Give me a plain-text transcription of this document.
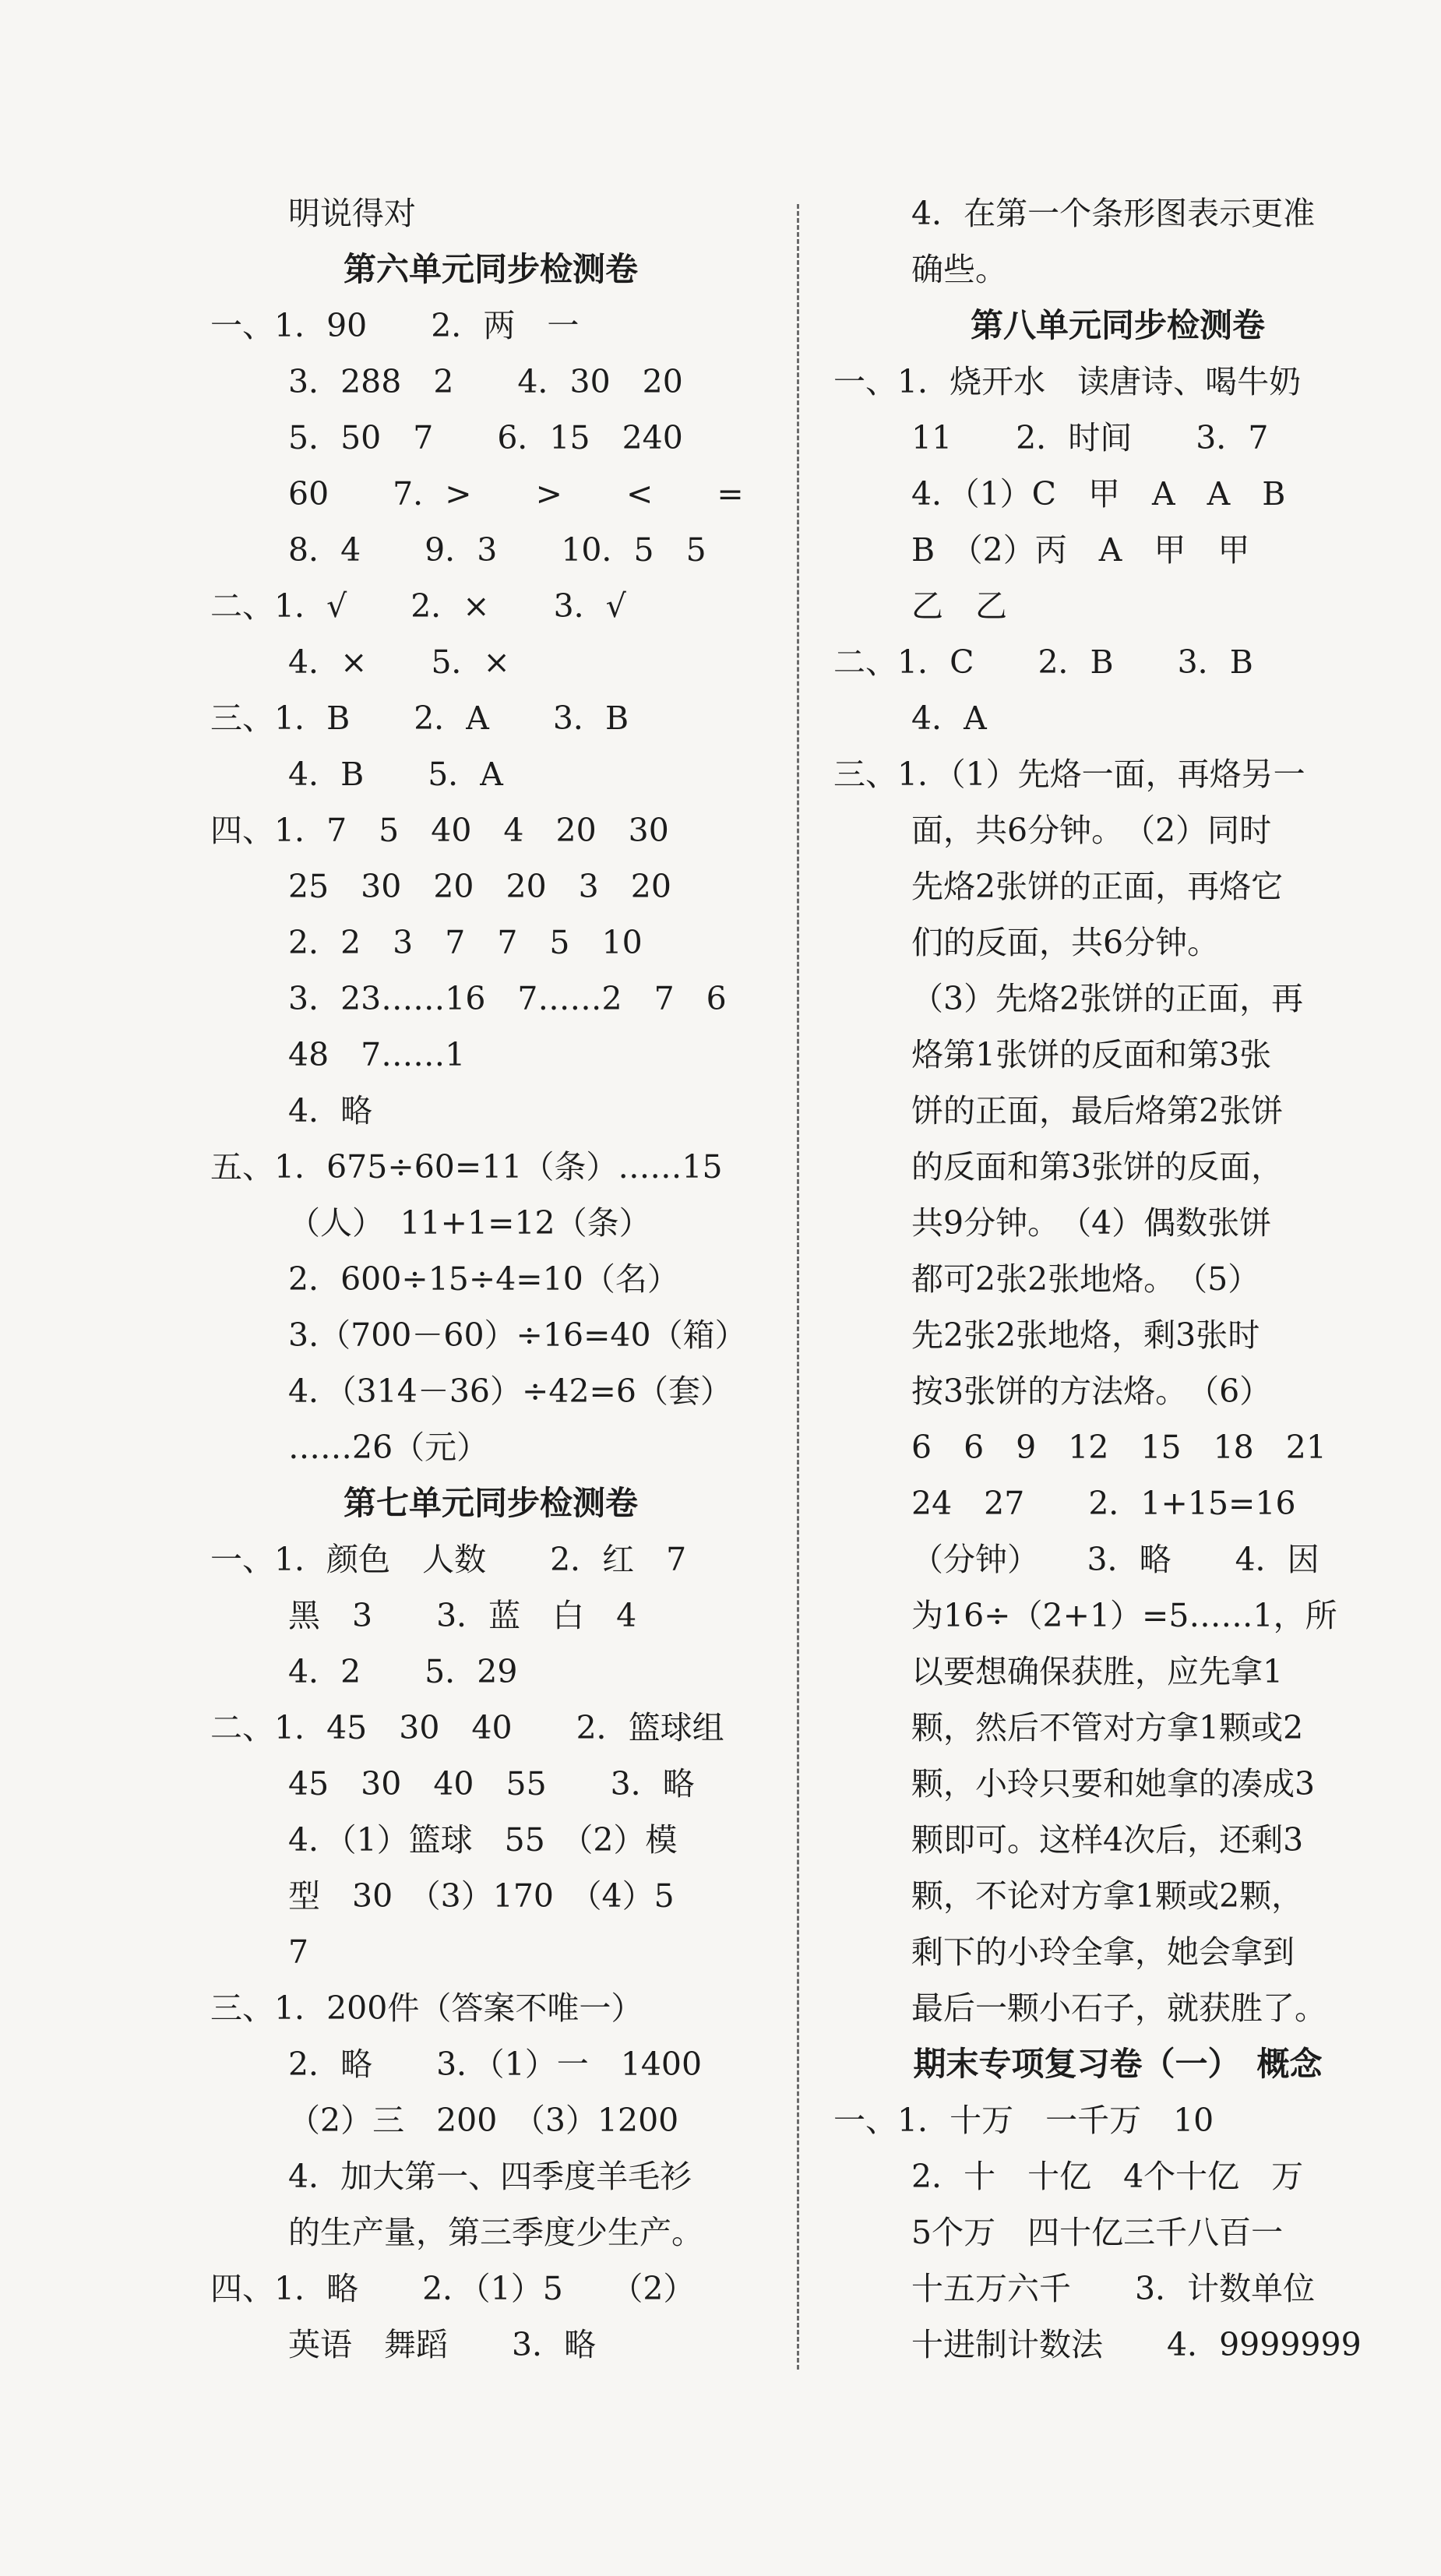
明说得对
第六单元同步检测卷
一、1．90　　2．两　一
3．288　2　　4．30　20
5．50　7　　6．15　240
60　　7．>　　>　　<　　=
8．4　　9．3　　10．5　5
二、1．√　　2．×　　3．√
4．×　　5．×
三、1．B　　2．A　　3．B
4．B　　5．A
四、1．7　5　40　4　20　30
25　30　20　20　3　20
2．2　3　7　7　5　10
3．23……16　7……2　7　6
48　7……1
4．略
五、1．675÷60=11（条）……15
（人）　11+1=12（条）
2．600÷15÷4=10（名）
3.（700－60）÷16=40（箱）
4．（314－36）÷42=6（套）
……26（元）
第七单元同步检测卷
一、1．颜色　人数　　2．红　7
黑　3　　3．蓝　白　4
4．2　　5．29
二、1．45　30　40　　2．篮球组
45　30　40　55　　3．略
4．（1）篮球　55　（2）模
型　30　（3）170　（4）5
7
三、1．200件（答案不唯一）
2．略　　3．（1）一　1400
（2）三　200　（3）1200
4．加大第一、四季度羊毛衫
的生产量，第三季度少生产。
四、1．略　　2．（1）5　　（2）
英语　舞蹈　　3．略
4．在第一个条形图表示更准
确些。
第八单元同步检测卷
一、1．烧开水　读唐诗、喝牛奶
11　　2．时间　　3．7
4．（1）C　甲　A　A　B
B　（2）丙　A　甲　甲
乙　乙
二、1．C　　2．B　　3．B
4．A
三、1．（1）先烙一面，再烙另一
面，共6分钟。　（2）同时
先烙2张饼的正面，再烙它
们的反面，共6分钟。
（3）先烙2张饼的正面，再
烙第1张饼的反面和第3张
饼的正面，最后烙第2张饼
的反面和第3张饼的反面，
共9分钟。　（4）偶数张饼
都可2张2张地烙。　（5）
先2张2张地烙，剩3张时
按3张饼的方法烙。　（6）
6　6　9　12　15　18　21
24　27　　2．1+15=16
（分钟）　　3．略　　4．因
为16÷（2+1）=5……1，所
以要想确保获胜，应先拿1
颗，然后不管对方拿1颗或2
颗，小玲只要和她拿的凑成3
颗即可。这样4次后，还剩3
颗，不论对方拿1颗或2颗，
剩下的小玲全拿，她会拿到
最后一颗小石子，就获胜了。
期末专项复习卷（一）　概念
一、1．十万　一千万　10
2．十　十亿　4个十亿　万
5个万　四十亿三千八百一
十五万六千　　3．计数单位
十进制计数法　　4．9999999
